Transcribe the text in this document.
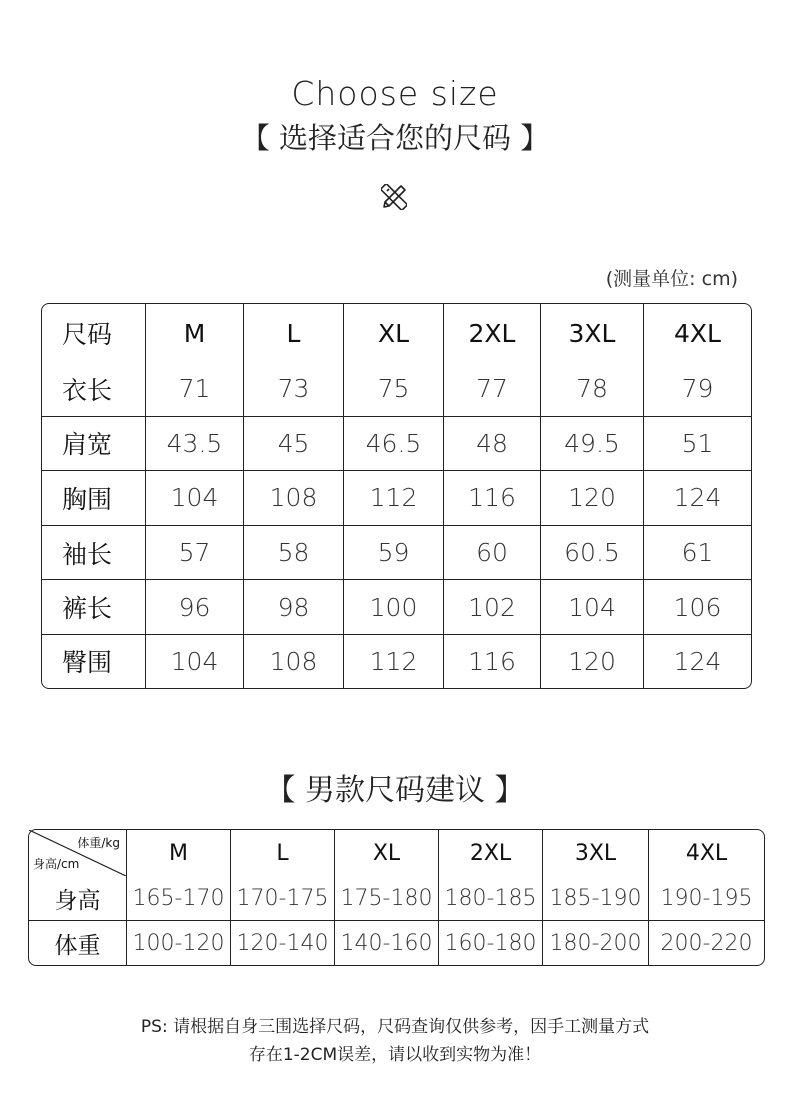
Choose size
【 选择适合您的尺码 】
(测量单位: cm)
尺码	M	L	XL	2XL	3XL	4XL
衣长	71	73	75	77	78	79
肩宽	43.5	45	46.5	48	49.5	51
胸围	104	108	112	116	120	124
袖长	57	58	59	60	60.5	61
裤长	96	98	100	102	104	106
臀围	104	108	112	116	120	124
【 男款尺码建议 】
体重/kg
身高/cm	M	L	XL	2XL	3XL	4XL
身高	165-170	170-175	175-180	180-185	185-190	190-195
体重	100-120	120-140	140-160	160-180	180-200	200-220
PS: 请根据自身三围选择尺码，尺码查询仅供参考，因手工测量方式
存在1-2CM误差，请以收到实物为准！
